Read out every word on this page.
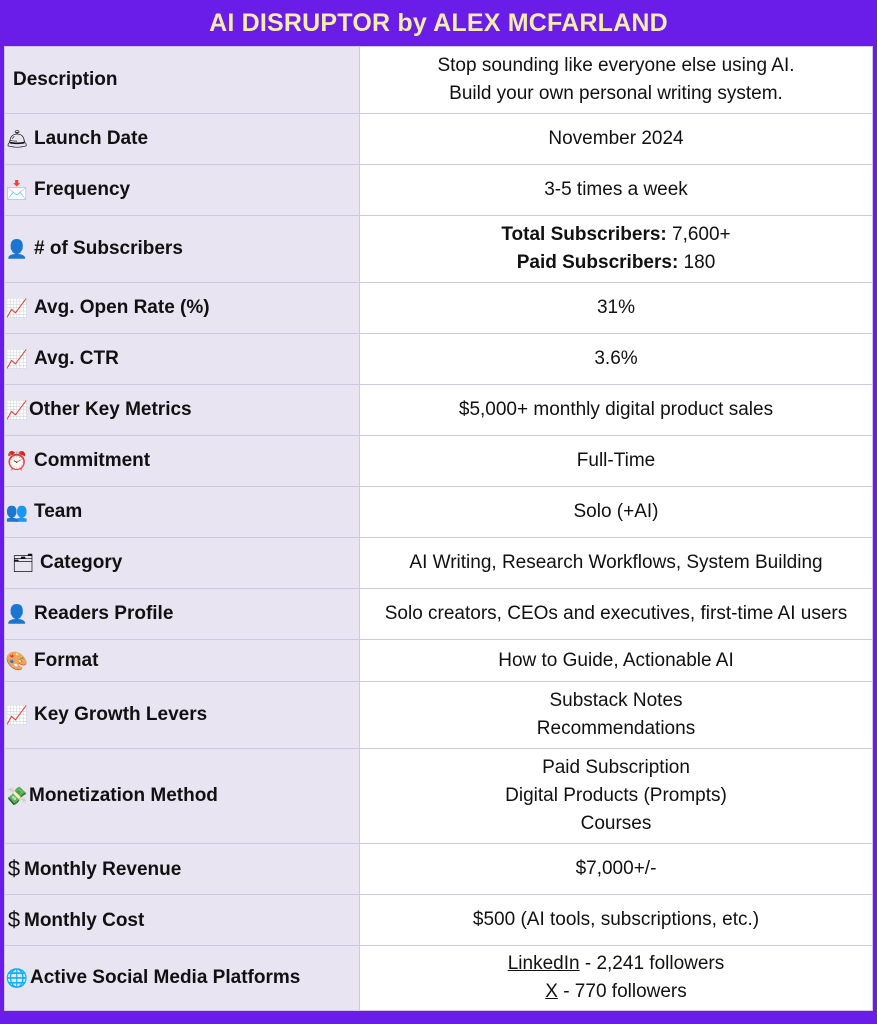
AI DISRUPTOR by ALEX MCFARLAND
Description	Stop sounding like everyone else using AI.
Build your own personal writing system.

🛎 Launch Date	November 2024
📩 Frequency	3-5 times a week
👤 # of Subscribers	Total Subscribers: 7,600+
Paid Subscribers: 180

📈 Avg. Open Rate (%)	31%
📈 Avg. CTR	3.6%
📈Other Key Metrics	$5,000+ monthly digital product sales
⏰ Commitment	Full-Time
👥 Team	Solo (+AI)
🗂 Category	AI Writing, Research Workflows, System Building
👤 Readers Profile	Solo creators, CEOs and executives, first-time AI users
🎨 Format	How to Guide, Actionable AI
📈 Key Growth Levers	Substack Notes
Recommendations

💸Monetization Method	Paid Subscription
Digital Products (Prompts)
Courses

$ Monthly Revenue	$7,000+/-
$ Monthly Cost	$500 (AI tools, subscriptions, etc.)
🌐Active Social Media Platforms	LinkedIn - 2,241 followers
X - 770 followers
